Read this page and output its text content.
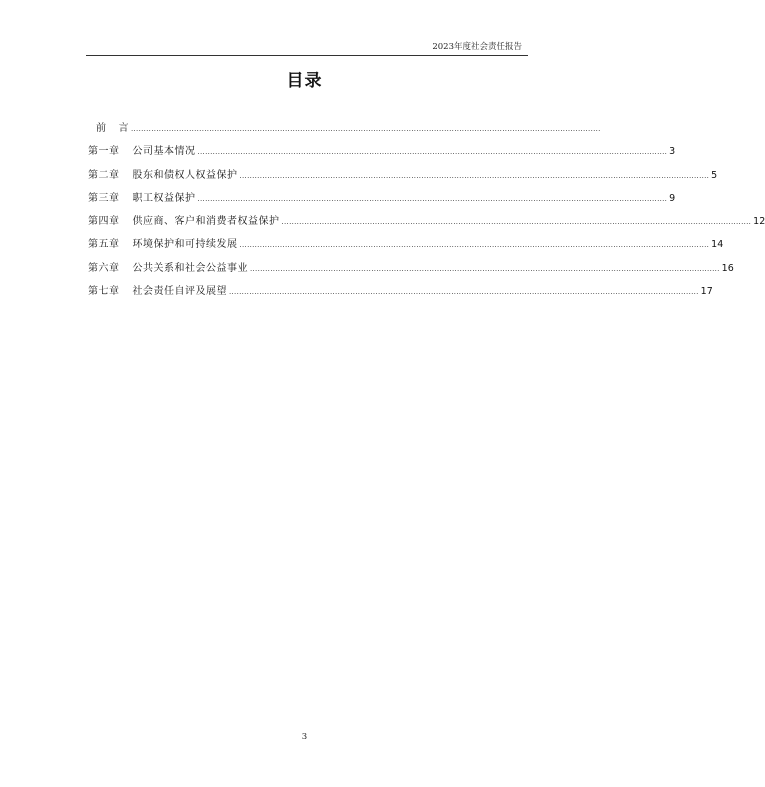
2023年度社会责任报告
目录
前 言 ..........................................................................................................................................................................................
第一章 公司基本情况 .......................................................................................................................................................................................... 3
第二章 股东和债权人权益保护 .......................................................................................................................................................................................... 5
第三章 职工权益保护 .......................................................................................................................................................................................... 9
第四章 供应商、客户和消费者权益保护 .......................................................................................................................................................................................... 12
第五章 环境保护和可持续发展 .......................................................................................................................................................................................... 14
第六章 公共关系和社会公益事业 .......................................................................................................................................................................................... 16
第七章 社会责任自评及展望 .......................................................................................................................................................................................... 17
3
